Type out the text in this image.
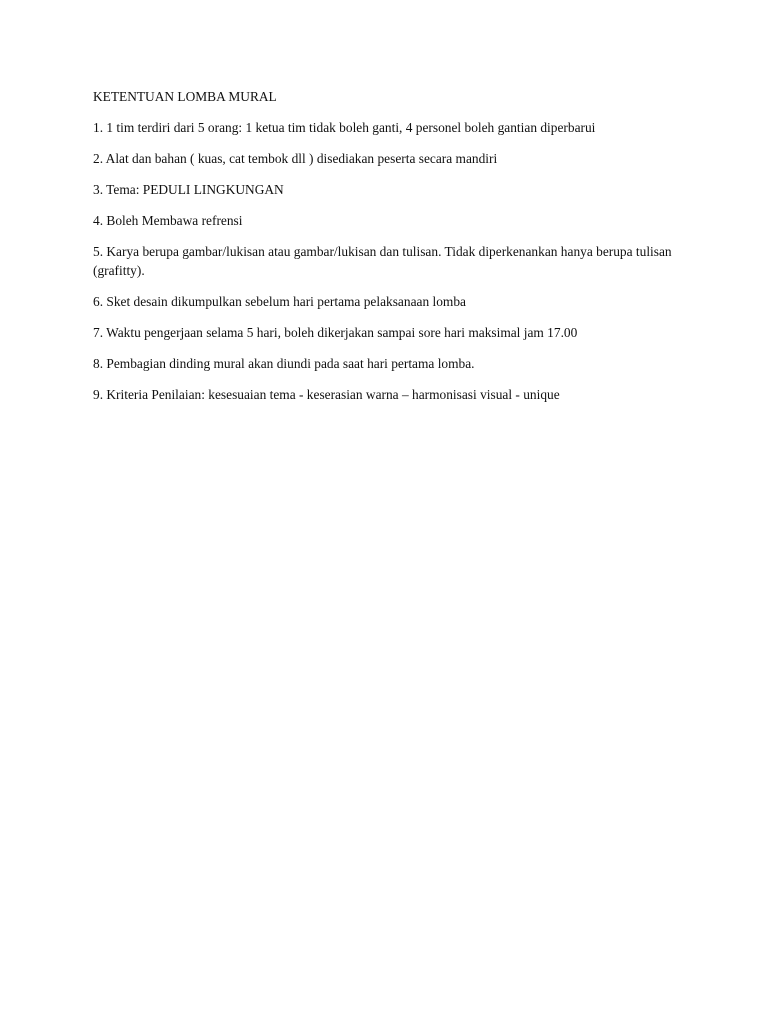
KETENTUAN LOMBA MURAL
1. 1 tim terdiri dari 5 orang: 1 ketua tim tidak boleh ganti, 4 personel boleh gantian diperbarui
2. Alat dan bahan ( kuas, cat tembok dll ) disediakan peserta secara mandiri
3. Tema: PEDULI LINGKUNGAN
4. Boleh Membawa refrensi
5. Karya berupa gambar/lukisan atau gambar/lukisan dan tulisan. Tidak diperkenankan hanya berupa tulisan (grafitty).
6. Sket desain dikumpulkan sebelum hari pertama pelaksanaan lomba
7. Waktu pengerjaan selama 5 hari, boleh dikerjakan sampai sore hari maksimal jam 17.00
8. Pembagian dinding mural akan diundi pada saat hari pertama lomba.
9. Kriteria Penilaian: kesesuaian tema - keserasian warna – harmonisasi visual - unique
